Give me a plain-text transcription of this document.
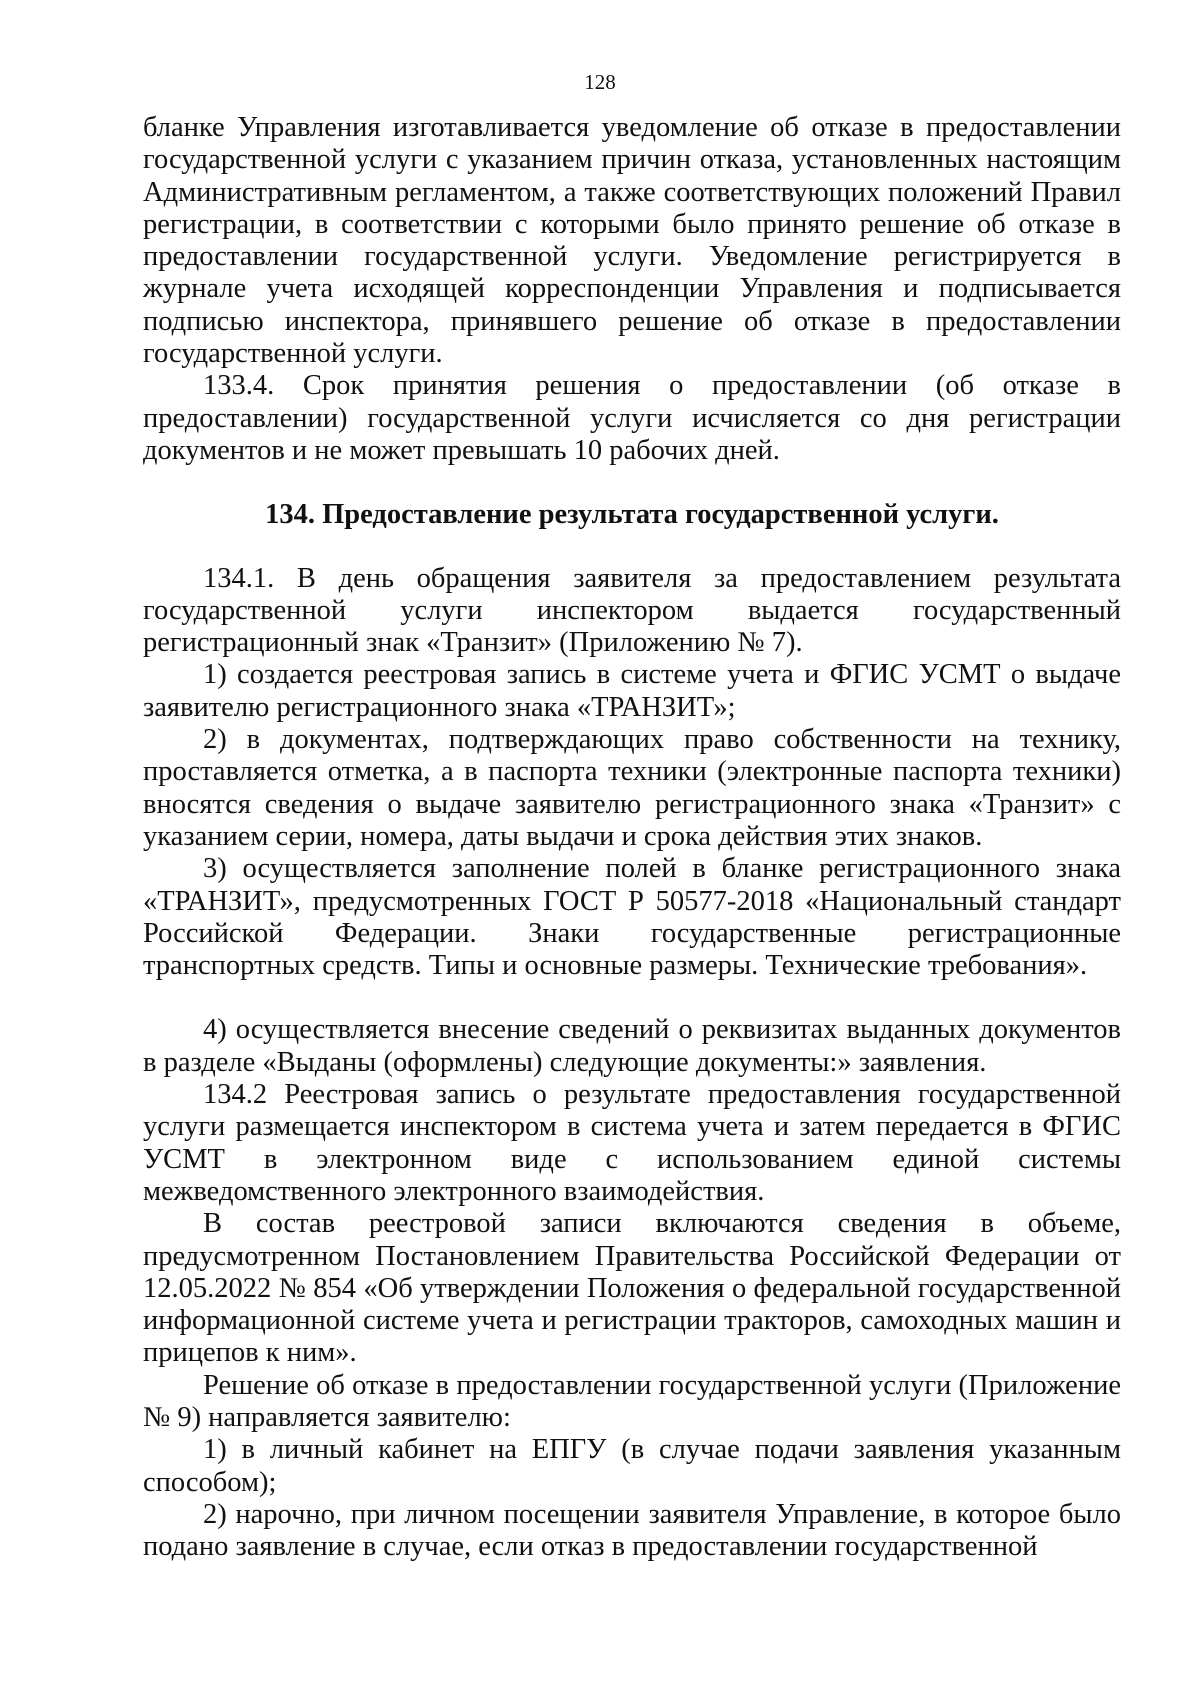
128

бланке Управления изготавливается уведомление об отказе в предоставлении государственной услуги с указанием причин отказа, установленных настоящим Административным регламентом, а также соответствующих положений Правил регистрации, в соответствии с которыми было принято решение об отказе в предоставлении государственной услуги. Уведомление регистрируется в журнале учета исходящей корреспонденции Управления и подписывается подписью инспектора, принявшего решение об отказе в предоставлении государственной услуги.

133.4. Срок принятия решения о предоставлении (об отказе в предоставлении) государственной услуги исчисляется со дня регистрации документов и не может превышать 10 рабочих дней.

134. Предоставление результата государственной услуги.

134.1. В день обращения заявителя за предоставлением результата государственной услуги инспектором выдается государственный регистрационный знак «Транзит» (Приложению № 7).

1) создается реестровая запись в системе учета и ФГИС УСМТ о выдаче заявителю регистрационного знака «ТРАНЗИТ»;

2) в документах, подтверждающих право собственности на технику, проставляется отметка, а в паспорта техники (электронные паспорта техники) вносятся сведения о выдаче заявителю регистрационного знака «Транзит» с указанием серии, номера, даты выдачи и срока действия этих знаков.

3) осуществляется заполнение полей в бланке регистрационного знака «ТРАНЗИТ», предусмотренных ГОСТ Р 50577-2018 «Национальный стандарт Российской Федерации. Знаки государственные регистрационные транспортных средств. Типы и основные размеры. Технические требования».

4) осуществляется внесение сведений о реквизитах выданных документов в разделе «Выданы (оформлены) следующие документы:» заявления.

134.2 Реестровая запись о результате предоставления государственной услуги размещается инспектором в система учета и затем передается в ФГИС УСМТ в электронном виде с использованием единой системы межведомственного электронного взаимодействия.

В состав реестровой записи включаются сведения в объеме, предусмотренном Постановлением Правительства Российской Федерации от 12.05.2022 № 854 «Об утверждении Положения о федеральной государственной информационной системе учета и регистрации тракторов, самоходных машин и прицепов к ним».

Решение об отказе в предоставлении государственной услуги (Приложение № 9) направляется заявителю:

1) в личный кабинет на ЕПГУ (в случае подачи заявления указанным способом);

2) нарочно, при личном посещении заявителя Управление, в которое было подано заявление в случае, если отказ в предоставлении государственной
